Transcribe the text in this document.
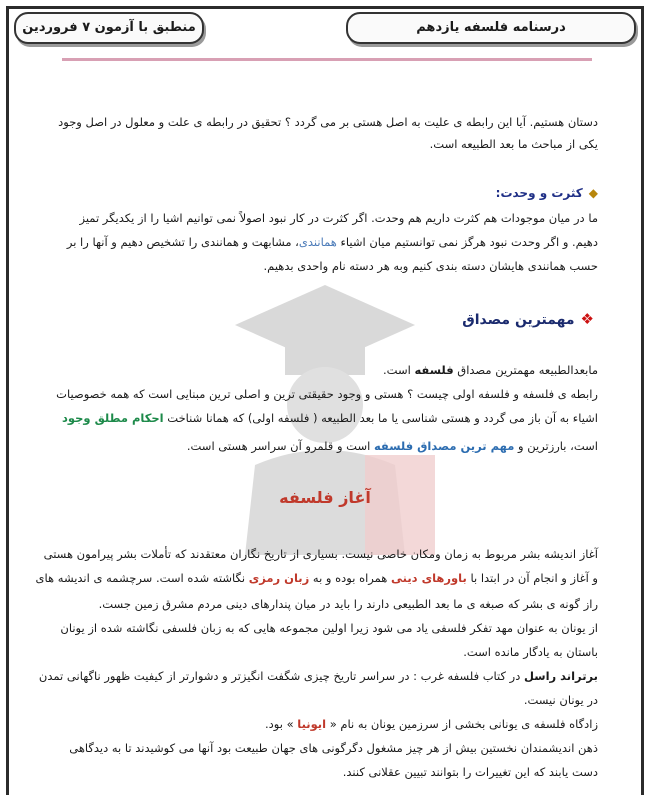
درسنامه فلسفه یازدهم
منطبق با آزمون ۷ فروردین
دستان هستیم. آیا این رابطه ی علیت به اصل هستی بر می گردد ؟ تحقیق در رابطه ی علت و معلول در اصل وجود
یکی از مباحث ما بعد الطبیعه است.
◆کثرت و وحدت:
ما در میان موجودات هم کثرت داریم هم وحدت. اگر کثرت در کار نبود اصولاً نمی توانیم اشیا را از یکدیگر تمیز
دهیم. و اگر وحدت نبود هرگز نمی توانستیم میان اشیاء همانندی، مشابهت و همانندی را تشخیص دهیم و آنها را بر
حسب همانندی هایشان دسته بندی کنیم وبه هر دسته نام واحدی بدهیم.
❖مهمترین مصداق
مابعدالطبیعه مهمترین مصداق فلسفه است.
رابطه ی فلسفه و فلسفه اولی چیست ؟ هستی و وجود حقیقتی ترین و اصلی ترین مبنایی است که همه خصوصیات
اشیاء به آن باز می گردد و هستی شناسی یا ما بعد الطبیعه ( فلسفه اولی) که همانا شناخت احکام مطلق وجود
است، بارزترین و مهم ترین مصداق فلسفه است و قلمرو آن سراسر هستی است.
آغاز فلسفه
آغاز اندیشه بشر مربوط به زمان ومکان خاصی نیست. بسیاری از تاریخ نگاران معتقدند که تأملات بشر پیرامون هستی
و آغاز و انجام آن در ابتدا با باورهای دینی همراه بوده و به زبان رمزی نگاشته شده است. سرچشمه ی اندیشه های
راز گونه ی بشر که صبغه ی ما بعد الطبیعی دارند را باید در میان پندارهای دینی مردم مشرق زمین جست.
از یونان به عنوان مهد تفکر فلسفی یاد می شود زیرا اولین مجموعه هایی که به زبان فلسفی نگاشته شده از یونان
باستان به یادگار مانده است.
برتراند راسل در کتاب فلسفه غرب : در سراسر تاریخ چیزی شگفت انگیزتر و دشوارتر از کیفیت ظهور ناگهانی تمدن
در یونان نیست.
زادگاه فلسفه ی یونانی بخشی از سرزمین یونان به نام « ایونیا » بود.
ذهن اندیشمندان نخستین بیش از هر چیز مشغول دگرگونی های جهان طبیعت بود آنها می کوشیدند تا به دیدگاهی
دست یابند که این تغییرات را بتوانند تبیین عقلانی کنند.
